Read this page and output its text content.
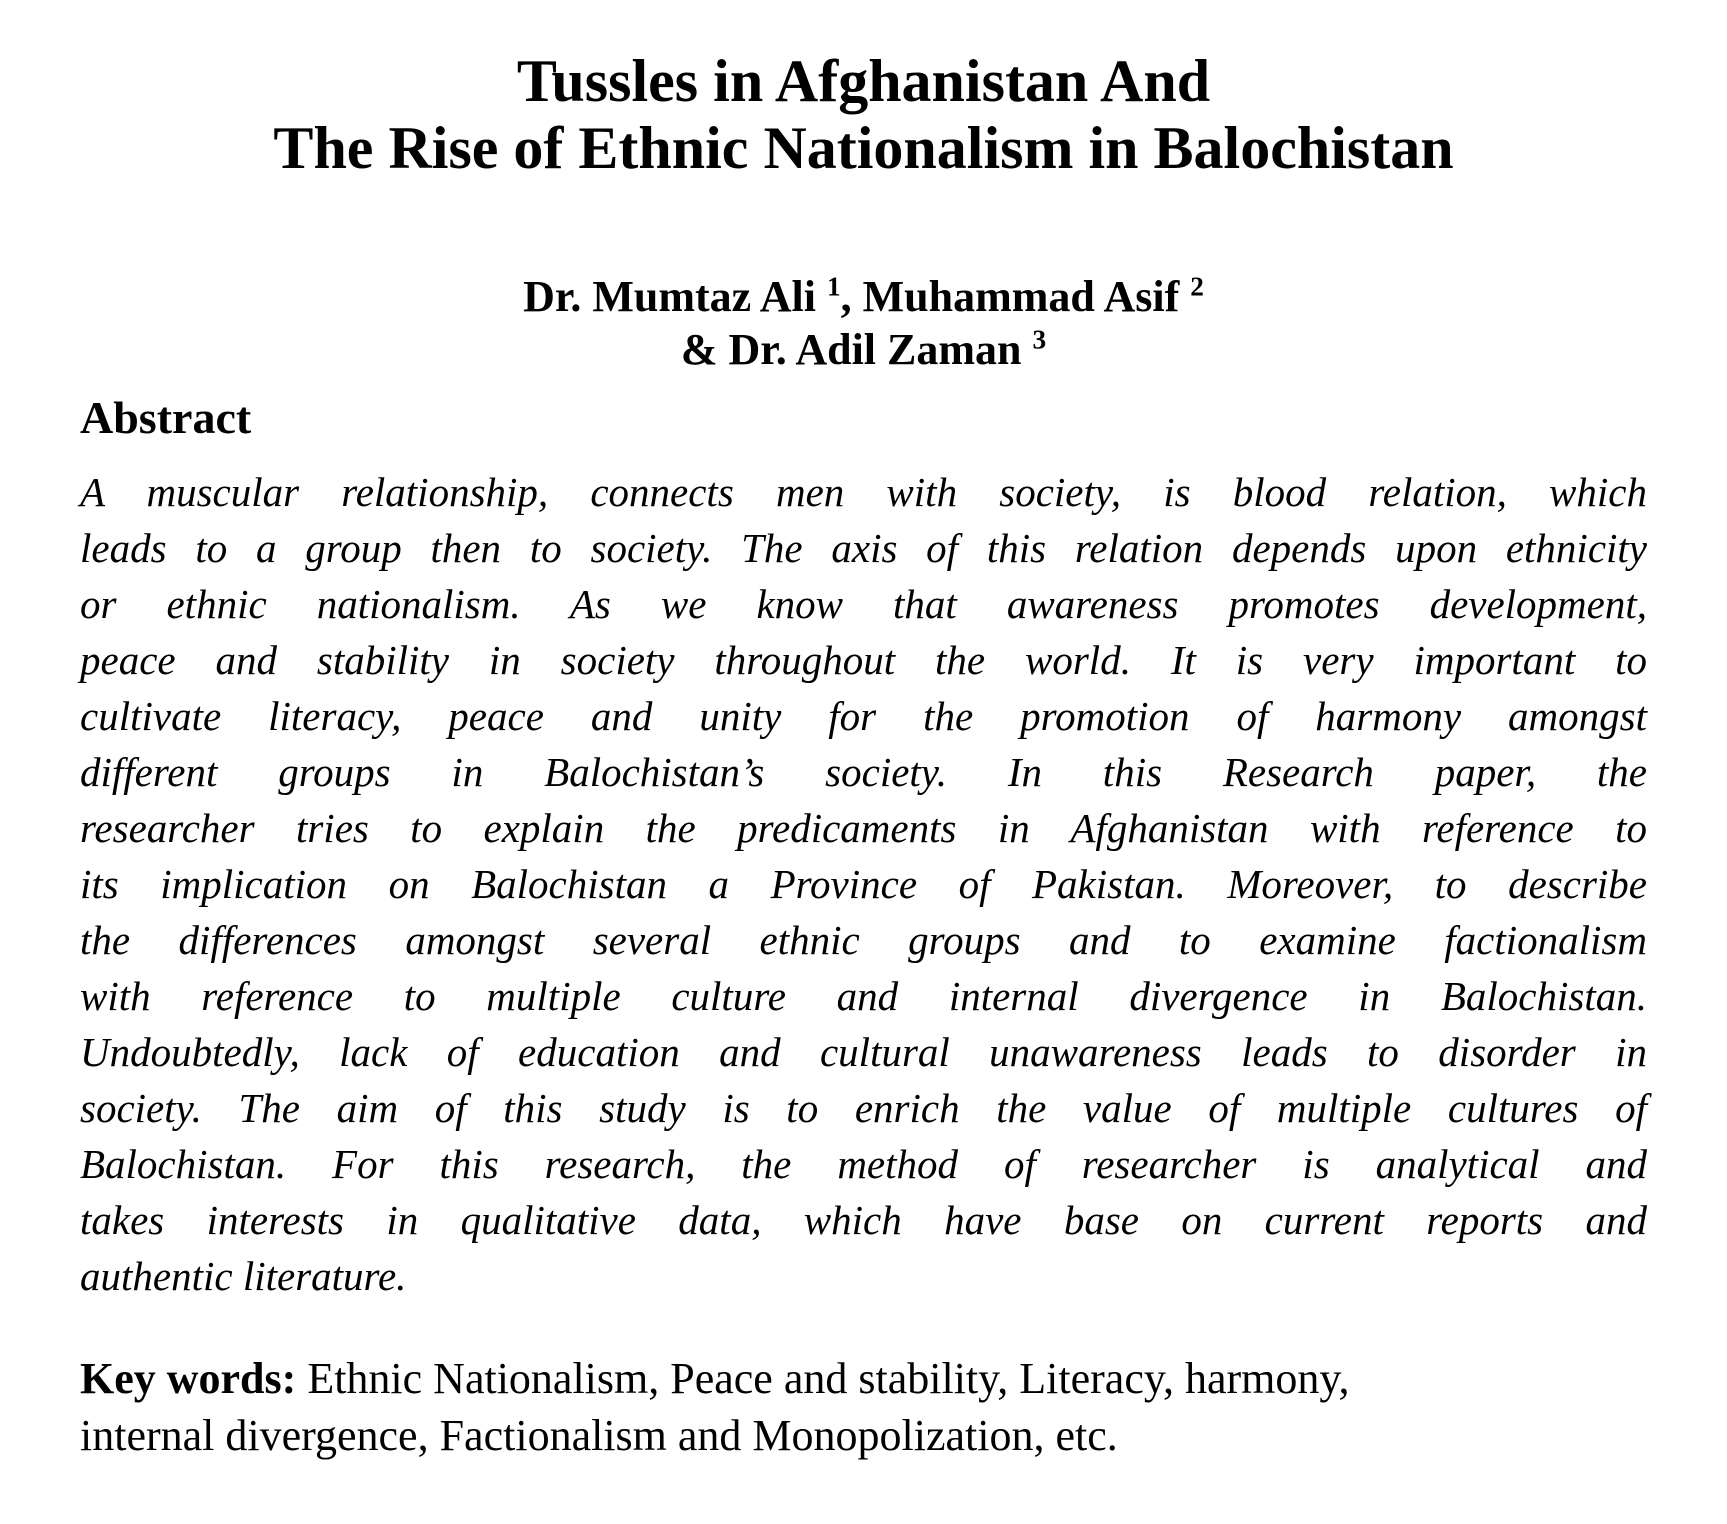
Tussles in Afghanistan And
The Rise of Ethnic Nationalism in Balochistan
Dr. Mumtaz Ali $^1$, Muhammad Asif $^2$
& Dr. Adil Zaman $^3$
Abstract
A muscular relationship, connects men with society, is blood relation, which
leads to a group then to society. The axis of this relation depends upon ethnicity
or ethnic nationalism. As we know that awareness promotes development,
peace and stability in society throughout the world. It is very important to
cultivate literacy, peace and unity for the promotion of harmony amongst
different groups in Balochistan’s society. In this Research paper, the
researcher tries to explain the predicaments in Afghanistan with reference to
its implication on Balochistan a Province of Pakistan. Moreover, to describe
the differences amongst several ethnic groups and to examine factionalism
with reference to multiple culture and internal divergence in Balochistan.
Undoubtedly, lack of education and cultural unawareness leads to disorder in
society. The aim of this study is to enrich the value of multiple cultures of
Balochistan. For this research, the method of researcher is analytical and
takes interests in qualitative data, which have base on current reports and
authentic literature.
Key words: Ethnic Nationalism, Peace and stability, Literacy, harmony,
internal divergence, Factionalism and Monopolization, etc.
